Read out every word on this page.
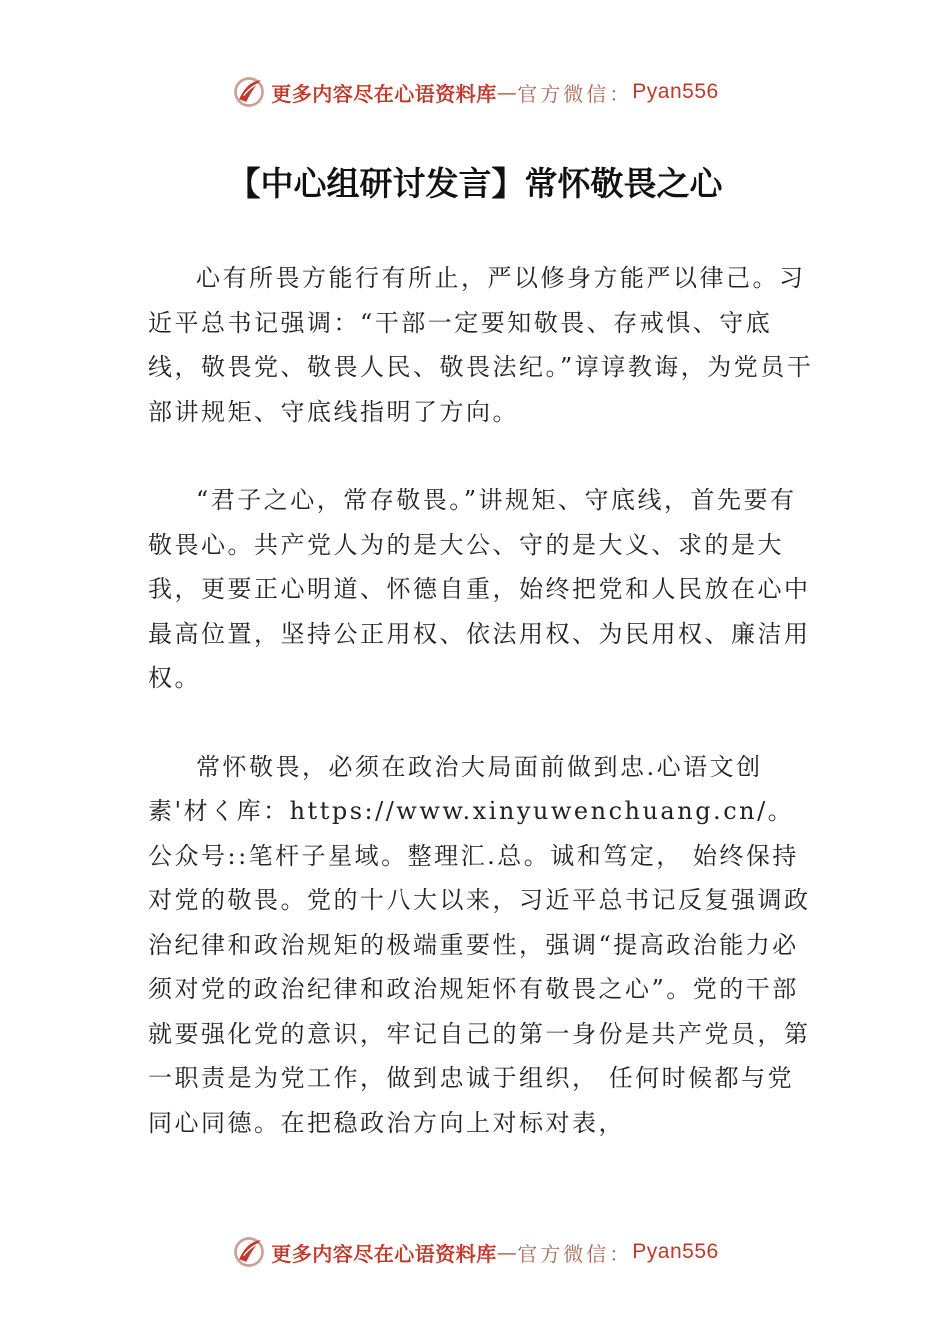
更多内容尽在心语资料库 — 官方微信： Pyan556
【中心组研讨发言】常怀敬畏之心

心有所畏方能行有所止，严以修身方能严以律己。习近平总书记强调：“干部一定要知敬畏、存戒惧、守底线，敬畏党、敬畏人民、敬畏法纪。”谆谆教诲，为党员干部讲规矩、守底线指明了方向。

“君子之心，常存敬畏。”讲规矩、守底线，首先要有敬畏心。共产党人为的是大公、守的是大义、求的是大我，更要正心明道、怀德自重，始终把党和人民放在心中最高位置，坚持公正用权、依法用权、为民用权、廉洁用权。

常怀敬畏，必须在政治大局面前做到忠.心语文创素'材く库：https://www.xinyuwenchuang.cn/。公众号::笔杆子星域。整理汇.总。诚和笃定， 始终保持对党的敬畏。党的十八大以来，习近平总书记反复强调政治纪律和政治规矩的极端重要性，强调“提高政治能力必须对党的政治纪律和政治规矩怀有敬畏之心”。党的干部就要强化党的意识，牢记自己的第一身份是共产党员，第一职责是为党工作，做到忠诚于组织， 任何时候都与党同心同德。在把稳政治方向上对标对表，

更多内容尽在心语资料库 — 官方微信： Pyan556
